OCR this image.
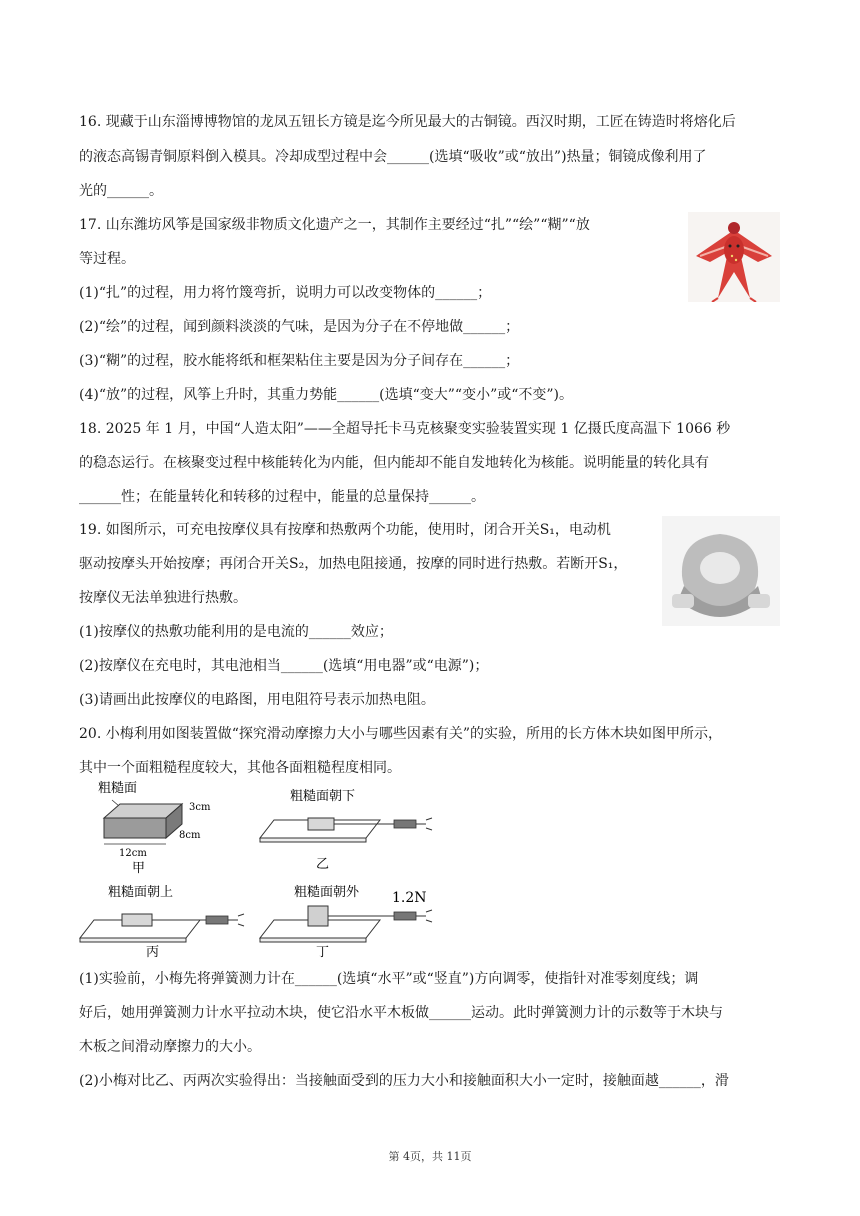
16. 现藏于山东淄博博物馆的龙凤五钮长方镜是迄今所见最大的古铜镜。西汉时期，工匠在铸造时将熔化后
的液态高锡青铜原料倒入模具。冷却成型过程中会______(选填“吸收”或“放出”)热量；铜镜成像利用了
光的______。
17. 山东潍坊风筝是国家级非物质文化遗产之一，其制作主要经过“扎”“绘”“糊”“放
等过程。
(1)“扎”的过程，用力将竹篾弯折，说明力可以改变物体的______；
(2)“绘”的过程，闻到颜料淡淡的气味，是因为分子在不停地做______；
(3)“糊”的过程，胶水能将纸和框架粘住主要是因为分子间存在______；
(4)“放”的过程，风筝上升时，其重力势能______(选填“变大”“变小”或“不变”)。
18. 2025 年 1 月，中国“人造太阳”——全超导托卡马克核聚变实验装置实现 1 亿摄氏度高温下 1066 秒
的稳态运行。在核聚变过程中核能转化为内能，但内能却不能自发地转化为核能。说明能量的转化具有
______性；在能量转化和转移的过程中，能量的总量保持______。
19. 如图所示，可充电按摩仪具有按摩和热敷两个功能，使用时，闭合开关S₁，电动机
驱动按摩头开始按摩；再闭合开关S₂，加热电阻接通，按摩的同时进行热敷。若断开S₁，
按摩仪无法单独进行热敷。
(1)按摩仪的热敷功能利用的是电流的______效应；
(2)按摩仪在充电时，其电池相当______(选填“用电器”或“电源”)；
(3)请画出此按摩仪的电路图，用电阻符号表示加热电阻。
20. 小梅利用如图装置做“探究滑动摩擦力大小与哪些因素有关”的实验，所用的长方体木块如图甲所示，
其中一个面粗糙程度较大，其他各面粗糙程度相同。
粗糙面
3cm
8cm
12cm
甲
粗糙面朝下
乙
粗糙面朝上
丙
粗糙面朝外 1.2N
丁
(1)实验前，小梅先将弹簧测力计在______(选填“水平”或“竖直”)方向调零，使指针对准零刻度线；调
好后，她用弹簧测力计水平拉动木块，使它沿水平木板做______运动。此时弹簧测力计的示数等于木块与
木板之间滑动摩擦力的大小。
(2)小梅对比乙、丙两次实验得出：当接触面受到的压力大小和接触面积大小一定时，接触面越______，滑
第 4页，共 11页
